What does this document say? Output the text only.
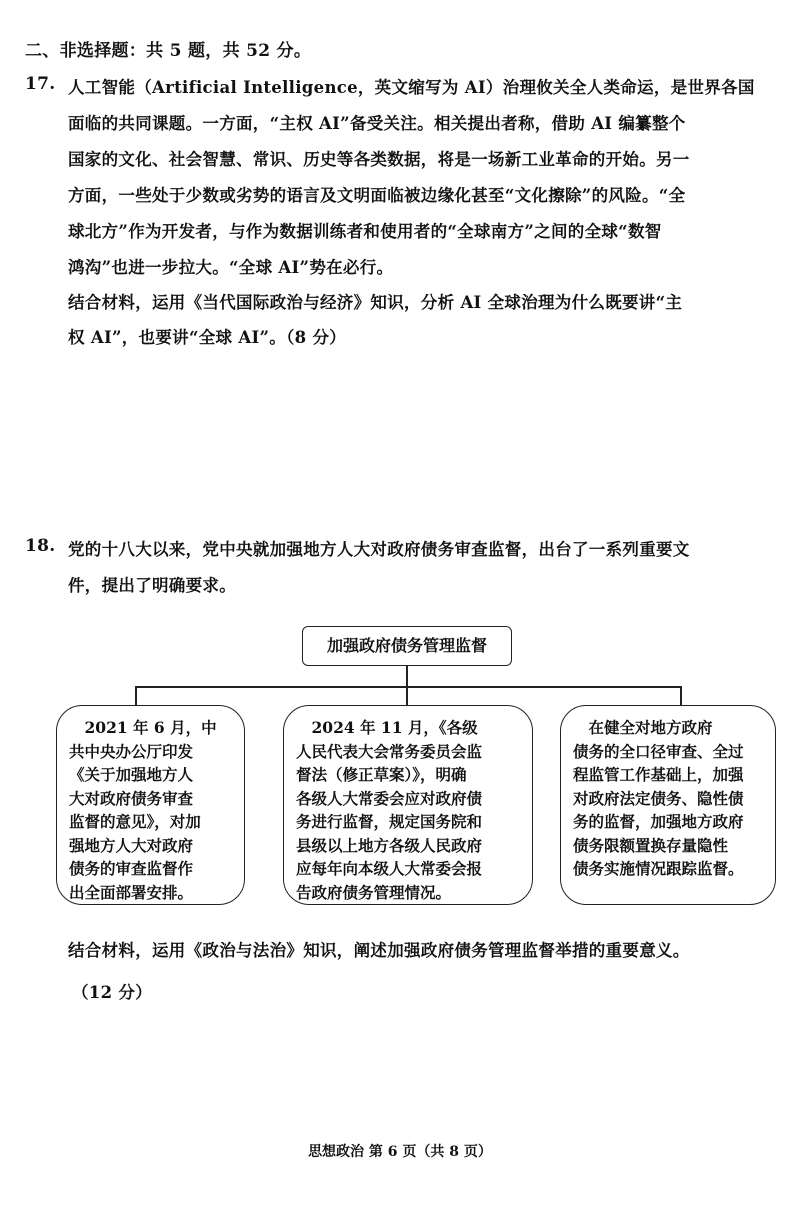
二、非选择题：共 5 题，共 52 分。
17. 人工智能（Artificial Intelligence，英文缩写为 AI）治理攸关全人类命运，是世界各国
面临的共同课题。一方面，“主权 AI”备受关注。相关提出者称，借助 AI 编纂整个
国家的文化、社会智慧、常识、历史等各类数据，将是一场新工业革命的开始。另一
方面，一些处于少数或劣势的语言及文明面临被边缘化甚至“文化擦除”的风险。“全
球北方”作为开发者，与作为数据训练者和使用者的“全球南方”之间的全球“数智
鸿沟”也进一步拉大。“全球 AI”势在必行。
结合材料，运用《当代国际政治与经济》知识，分析 AI 全球治理为什么既要讲“主
权 AI”，也要讲“全球 AI”。（8 分）
18. 党的十八大以来，党中央就加强地方人大对政府债务审查监督，出台了一系列重要文
件，提出了明确要求。
加强政府债务管理监督
　2021 年 6 月，中
共中央办公厅印发
《关于加强地方人
大对政府债务审查
监督的意见》，对加
强地方人大对政府
债务的审查监督作
出全面部署安排。
　2024 年 11 月，《各级
人民代表大会常务委员会监
督法（修正草案）》，明确
各级人大常委会应对政府债
务进行监督，规定国务院和
县级以上地方各级人民政府
应每年向本级人大常委会报
告政府债务管理情况。
　在健全对地方政府
债务的全口径审查、全过
程监管工作基础上，加强
对政府法定债务、隐性债
务的监督，加强地方政府
债务限额置换存量隐性
债务实施情况跟踪监督。
结合材料，运用《政治与法治》知识，阐述加强政府债务管理监督举措的重要意义。
（12 分）
思想政治 第 6 页（共 8 页）
